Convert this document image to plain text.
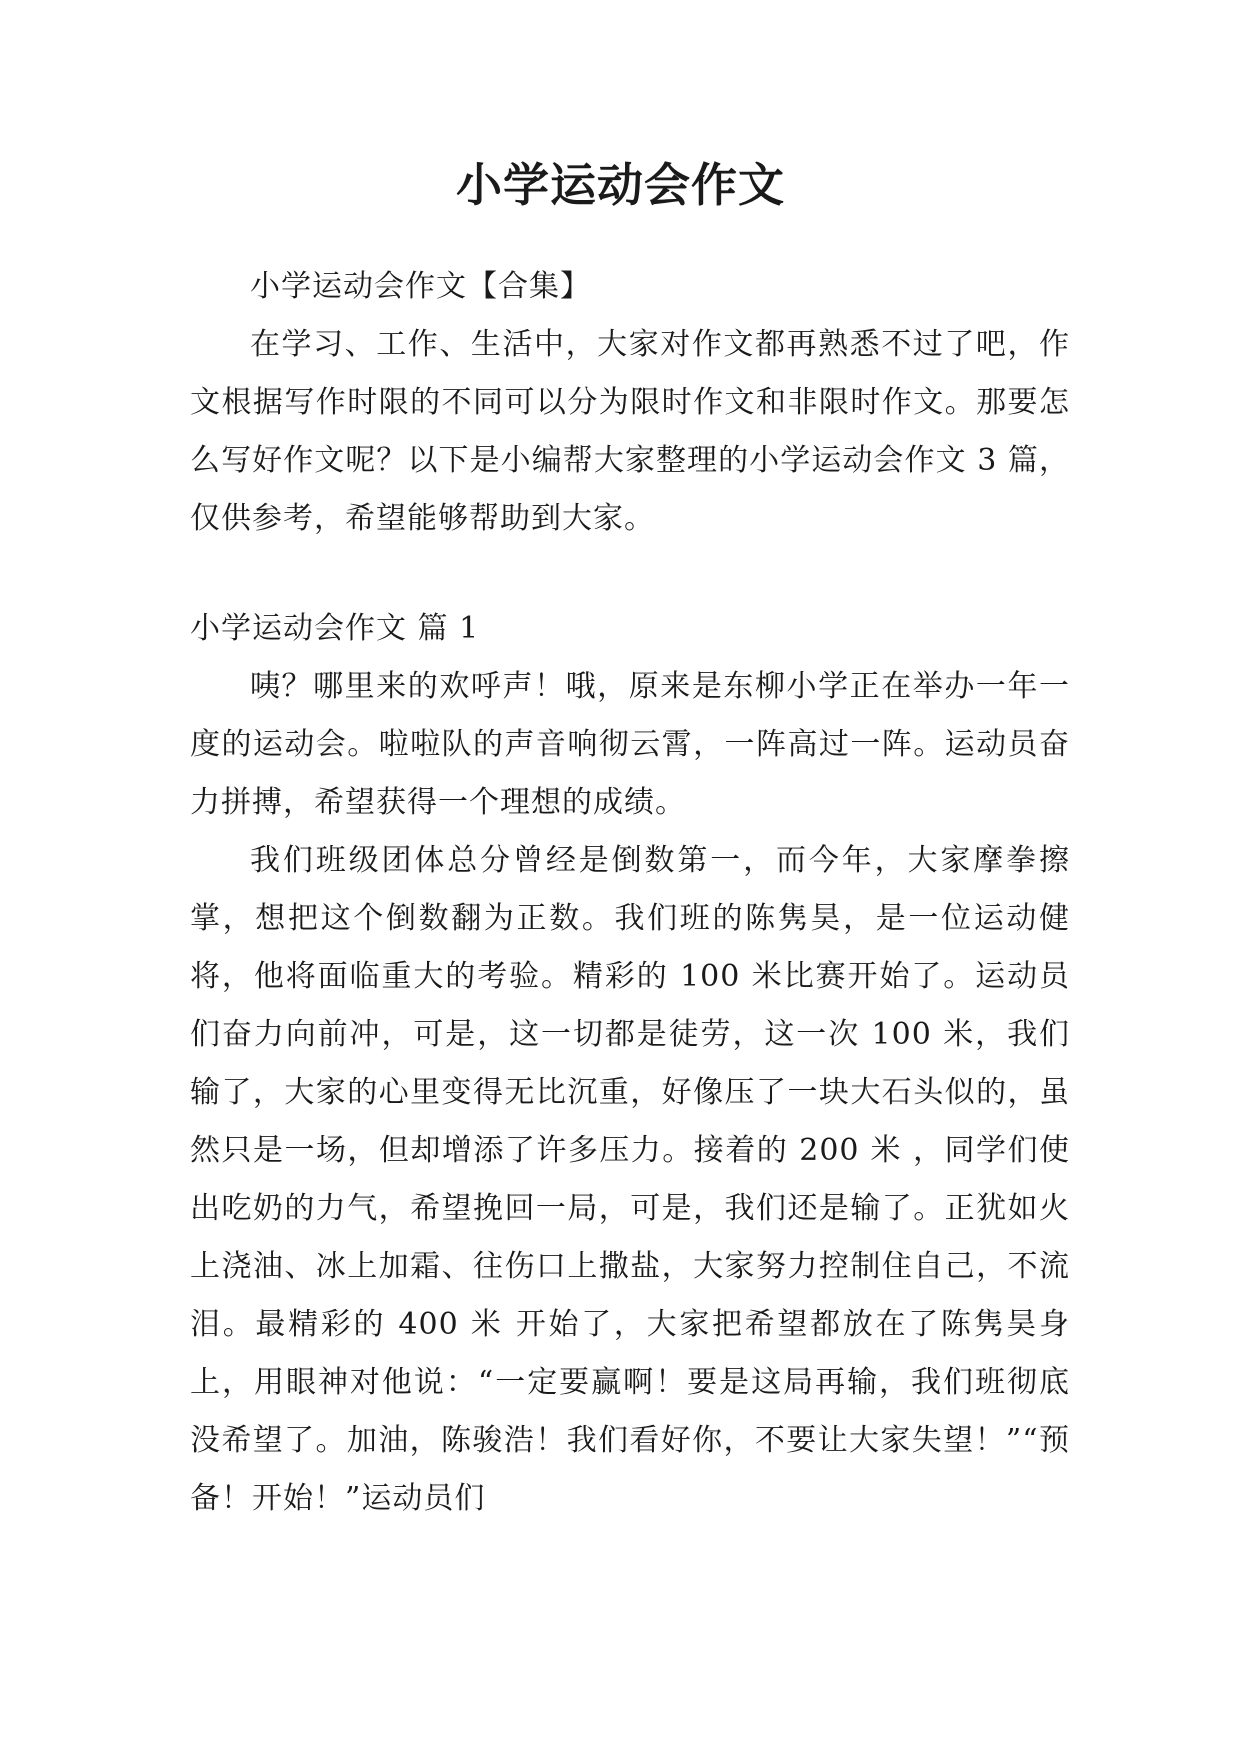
小学运动会作文

小学运动会作文【合集】

在学习、工作、生活中，大家对作文都再熟悉不过了吧，作文根据写作时限的不同可以分为限时作文和非限时作文。那要怎么写好作文呢？以下是小编帮大家整理的小学运动会作文 3 篇，仅供参考，希望能够帮助到大家。

小学运动会作文 篇 1

咦？哪里来的欢呼声！哦，原来是东柳小学正在举办一年一度的运动会。啦啦队的声音响彻云霄，一阵高过一阵。运动员奋力拼搏，希望获得一个理想的成绩。

我们班级团体总分曾经是倒数第一，而今年，大家摩拳擦掌，想把这个倒数翻为正数。我们班的陈隽昊，是一位运动健将，他将面临重大的考验。精彩的 100 米比赛开始了。运动员们奋力向前冲，可是，这一切都是徒劳，这一次 100 米，我们输了，大家的心里变得无比沉重，好像压了一块大石头似的，虽然只是一场，但却增添了许多压力。接着的 200 米 ，同学们使出吃奶的力气，希望挽回一局，可是，我们还是输了。正犹如火上浇油、冰上加霜、往伤口上撒盐，大家努力控制住自己，不流泪。最精彩的 400 米 开始了，大家把希望都放在了陈隽昊身上，用眼神对他说：“一定要赢啊！要是这局再输，我们班彻底没希望了。加油，陈骏浩！我们看好你，不要让大家失望！”“预备！开始！”运动员们
